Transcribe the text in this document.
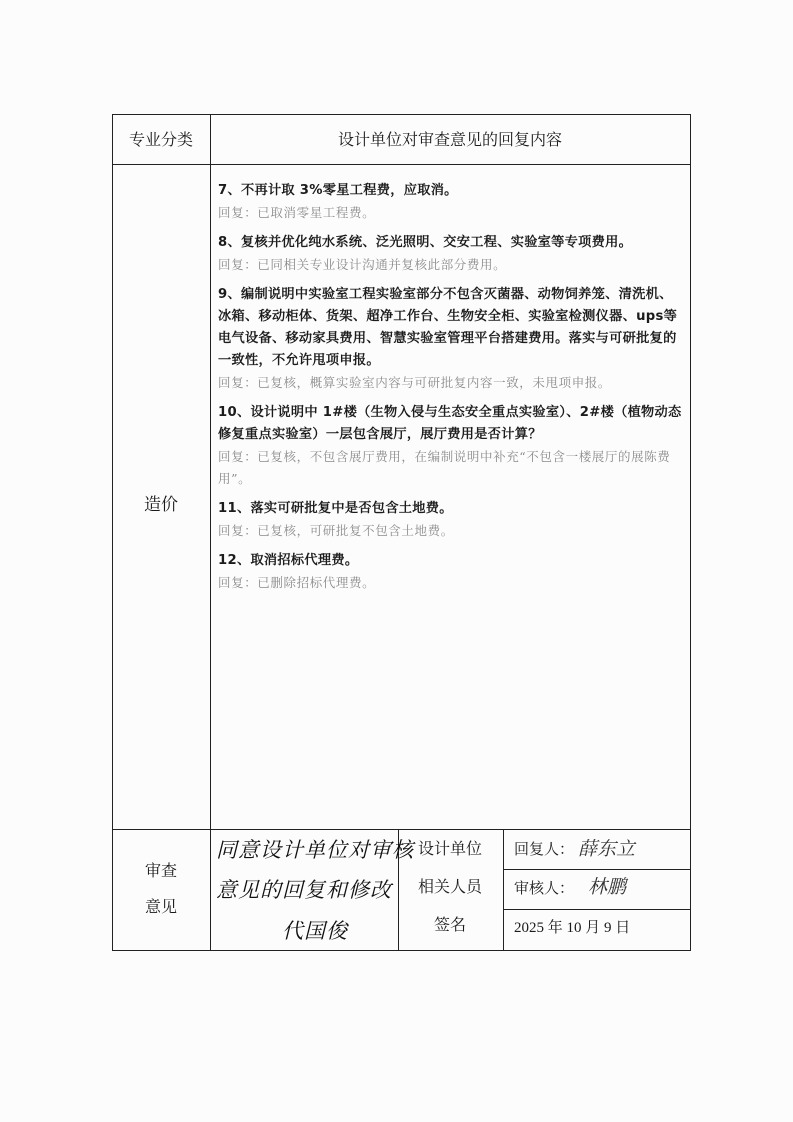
专业分类	设计单位对审查意见的回复内容
造价
7、不再计取 3%零星工程费，应取消。
回复：已取消零星工程费。
8、复核并优化纯水系统、泛光照明、交安工程、实验室等专项费用。
回复：已同相关专业设计沟通并复核此部分费用。
9、编制说明中实验室工程实验室部分不包含灭菌器、动物饲养笼、清洗机、冰箱、移动柜体、货架、超净工作台、生物安全柜、实验室检测仪器、ups等电气设备、移动家具费用、智慧实验室管理平台搭建费用。落实与可研批复的一致性，不允许甩项申报。
回复：已复核，概算实验室内容与可研批复内容一致，未甩项申报。
10、设计说明中 1#楼（生物入侵与生态安全重点实验室）、2#楼（植物动态修复重点实验室）一层包含展厅，展厅费用是否计算？
回复：已复核，不包含展厅费用，在编制说明中补充“不包含一楼展厅的展陈费用”。
11、落实可研批复中是否包含土地费。
回复：已复核，可研批复不包含土地费。
12、取消招标代理费。
回复：已删除招标代理费。
审查
意见
同意设计单位对审核
意见的回复和修改
代国俊
设计单位
相关人员
签名
回复人： 薛东立
审核人： 林鹏
2025 年 10 月 9 日
